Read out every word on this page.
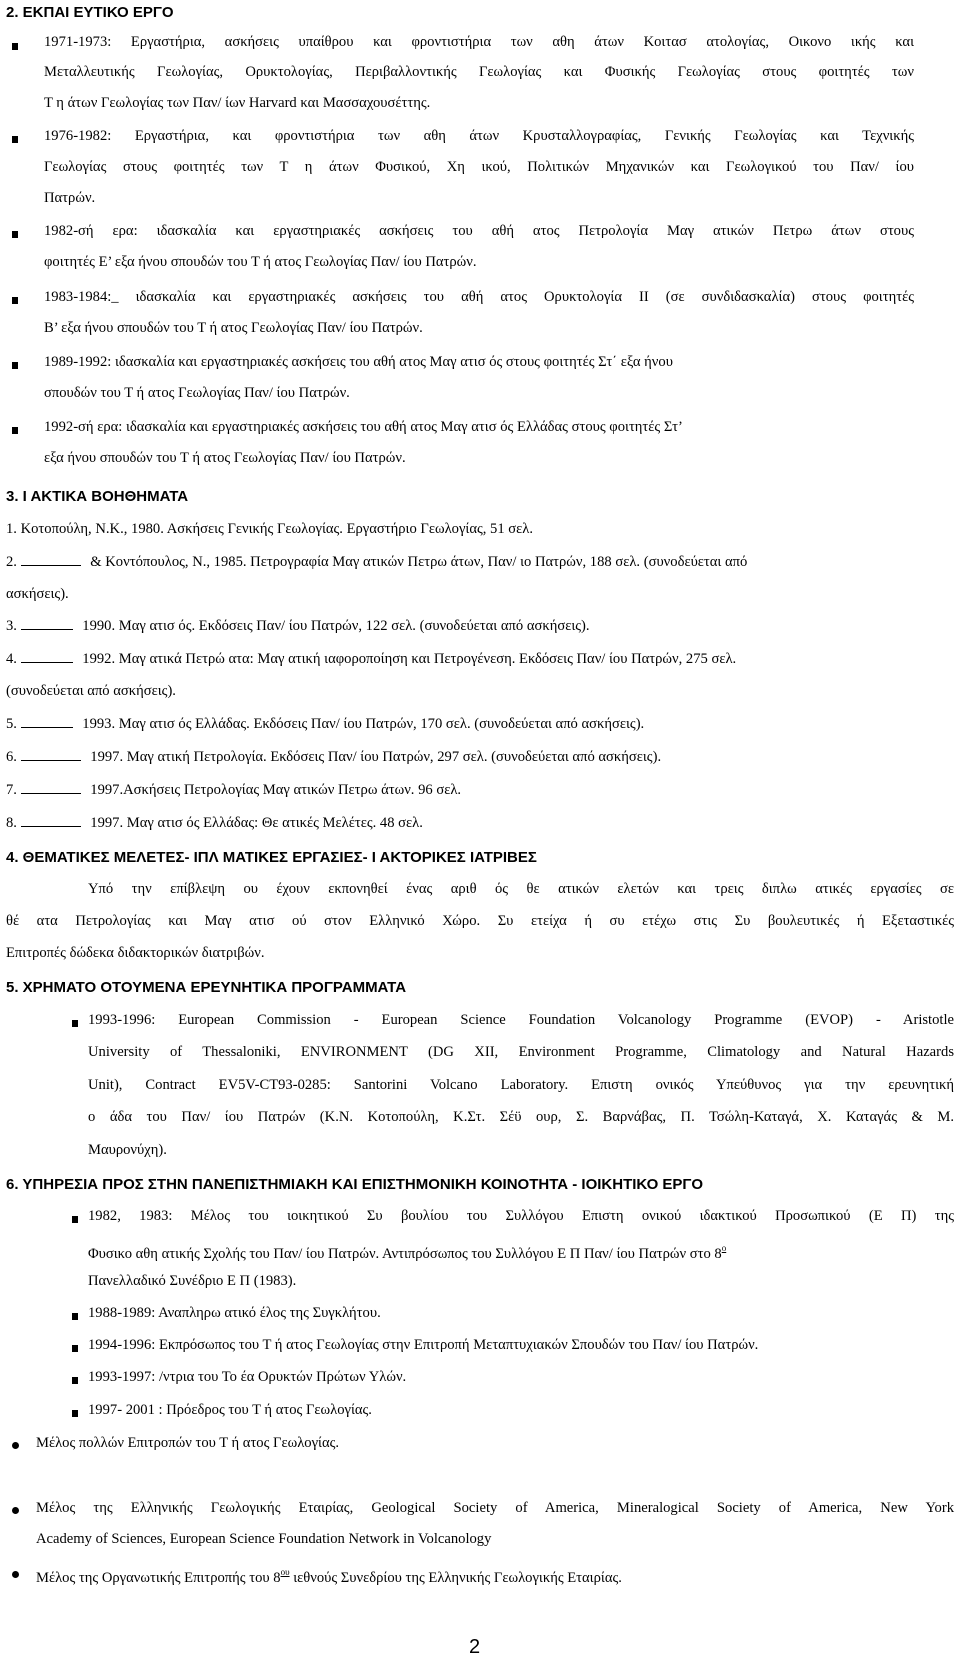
2. ΕΚΠΑΙ ΕΥΤΙΚΟ ΕΡΓΟ
1971-1973: Εργαστήρια, ασκήσεις υπαίθρου και φροντιστήρια των αθη άτων Κοιτασ ατολογίας, Οικονο ικής και
Μεταλλευτικής Γεωλογίας, Ορυκτολογίας, Περιβαλλοντικής Γεωλογίας και Φυσικής Γεωλογίας στους φοιτητές των
Τ η άτων Γεωλογίας των Παν/ ίων Harvard και Μασσαχουσέττης.
1976-1982: Εργαστήρια, και φροντιστήρια των αθη άτων Κρυσταλλογραφίας, Γενικής Γεωλογίας και Τεχνικής
Γεωλογίας στους φοιτητές των Τ η άτων Φυσικού, Χη ικού, Πολιτικών Μηχανικών και Γεωλογικού του Παν/ ίου
Πατρών.
1982-σή ερα: ιδασκαλία και εργαστηριακές ασκήσεις του αθή ατος Πετρολογία Μαγ ατικών Πετρω άτων στους
φοιτητές Ε’ εξα ήνου σπουδών του Τ ή ατος Γεωλογίας Παν/ ίου Πατρών.
1983-1984:_ ιδασκαλία και εργαστηριακές ασκήσεις του αθή ατος Ορυκτολογία ΙΙ (σε συνδιδασκαλία) στους φοιτητές
Β’ εξα ήνου σπουδών του Τ ή ατος Γεωλογίας Παν/ ίου Πατρών.
1989-1992: ιδασκαλία και εργαστηριακές ασκήσεις του αθή ατος Μαγ ατισ ός στους φοιτητές Στ΄ εξα ήνου
σπουδών του Τ ή ατος Γεωλογίας Παν/ ίου Πατρών.
1992-σή ερα: ιδασκαλία και εργαστηριακές ασκήσεις του αθή ατος Μαγ ατισ ός Ελλάδας στους φοιτητές Στ’
εξα ήνου σπουδών του Τ ή ατος Γεωλογίας Παν/ ίου Πατρών.
3. Ι ΑΚΤΙΚΑ ΒΟΗΘΗΜΑΤΑ
1. Κοτοπούλη, Ν.Κ., 1980. Ασκήσεις Γενικής Γεωλογίας. Εργαστήριο Γεωλογίας, 51 σελ.
2.	& Κοντόπουλος, Ν., 1985. Πετρογραφία Μαγ ατικών Πετρω άτων, Παν/ ιο Πατρών, 188 σελ. (συνοδεύεται από
ασκήσεις).
3.	1990. Μαγ ατισ ός. Εκδόσεις Παν/ ίου Πατρών, 122 σελ. (συνοδεύεται από ασκήσεις).
4.	1992. Μαγ ατικά Πετρώ ατα: Μαγ ατική ιαφοροποίηση και Πετρογένεση. Εκδόσεις Παν/ ίου Πατρών, 275 σελ.
(συνοδεύεται από ασκήσεις).
5.	1993. Μαγ ατισ ός Ελλάδας. Εκδόσεις Παν/ ίου Πατρών, 170 σελ. (συνοδεύεται από ασκήσεις).
6.	1997. Μαγ ατική Πετρολογία. Εκδόσεις Παν/ ίου Πατρών, 297 σελ. (συνοδεύεται από ασκήσεις).
7.	1997.Ασκήσεις Πετρολογίας Μαγ ατικών Πετρω άτων. 96 σελ.
8.	1997. Μαγ ατισ ός Ελλάδας: Θε ατικές Μελέτες. 48 σελ.
4. ΘΕΜΑΤΙΚΕΣ ΜΕΛΕΤΕΣ- ΙΠΛ ΜΑΤΙΚΕΣ ΕΡΓΑΣΙΕΣ- Ι ΑΚΤΟΡΙΚΕΣ ΙΑΤΡΙΒΕΣ
Υπό την επίβλεψη ου έχουν εκπονηθεί ένας αριθ ός θε ατικών ελετών και τρεις διπλω ατικές εργασίες σε
θέ ατα Πετρολογίας και Μαγ ατισ ού στον Ελληνικό Χώρο. Συ ετείχα ή συ ετέχω στις Συ βουλευτικές ή Εξεταστικές
Επιτροπές δώδεκα διδακτορικών διατριβών.
5. ΧΡΗΜΑΤΟ ΟΤΟΥΜΕΝΑ ΕΡΕΥΝΗΤΙΚΑ ΠΡΟΓΡΑΜΜΑΤΑ
1993-1996: European Commission - European Science Foundation Volcanology Programme (EVOP) - Aristotle
University of Thessaloniki, ENVIRONMENT (DG XII, Environment Programme, Climatology and Natural Hazards
Unit), Contract EV5V-CT93-0285: Santorini Volcano Laboratory. Επιστη ονικός Υπεύθυνος για την ερευνητική
ο άδα του Παν/ ίου Πατρών (Κ.Ν. Κοτοπούλη, Κ.Στ. Σέϋ ουρ, Σ. Βαρνάβας, Π. Τσώλη-Καταγά, Χ. Καταγάς & Μ.
Μαυρονύχη).
6. ΥΠΗΡΕΣΙΑ ΠΡΟΣ ΣΤΗΝ ΠΑΝΕΠΙΣΤΗΜΙΑΚΗ ΚΑΙ ΕΠΙΣΤΗΜΟΝΙΚΗ ΚΟΙΝΟΤΗΤΑ - ΙΟΙΚΗΤΙΚΟ ΕΡΓΟ
1982, 1983: Μέλος του ιοικητικού Συ βουλίου του Συλλόγου Επιστη ονικού ιδακτικού Προσωπικού (Ε Π) της
Φυσικο αθη ατικής Σχολής του Παν/ ίου Πατρών. Αντιπρόσωπος του Συλλόγου Ε Π Παν/ ίου Πατρών στο $8^o$
Πανελλαδικό Συνέδριο Ε Π (1983).
1988-1989: Αναπληρω ατικό έλος της Συγκλήτου.
1994-1996: Εκπρόσωπος του Τ ή ατος Γεωλογίας στην Επιτροπή Μεταπτυχιακών Σπουδών του Παν/ ίου Πατρών.
1993-1997: /ντρια του Το έα Ορυκτών Πρώτων Υλών.
1997- 2001 : Πρόεδρος του Τ ή ατος Γεωλογίας.
Μέλος πολλών Επιτροπών του Τ ή ατος Γεωλογίας.
Μέλος της Ελληνικής Γεωλογικής Εταιρίας, Geological Society of America, Mineralogical Society of America, New York
Academy of Sciences, European Science Foundation Network in Volcanology
Μέλος της Οργανωτικής Επιτροπής του $8^{o\upsilon}$ ιεθνούς Συνεδρίου της Ελληνικής Γεωλογικής Εταιρίας.
2
